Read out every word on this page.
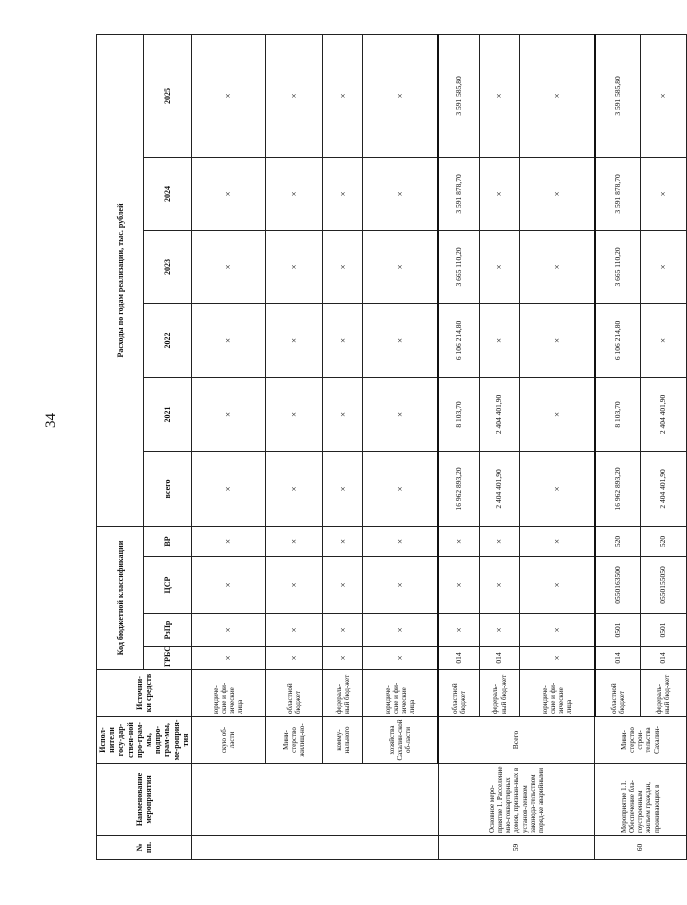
34
№ пп.	Наименование мероприятия	Испол-нители госу-дар-ствен-ной про-грам-мы, подпро-грам-мы, ме-роприя-тия	Источни-ки средств	Код бюджетной классификации				Расходы по годам реализации, тыс. рублей					
				ГРБС	РзПр	ЦСР	ВР	всего	2021	2022	2023	2024	2025
		скую об-ласти	юридиче-ские и фи-зические лица	×	×	×	×	×	×	×	×	×	×
		Мини-стерство жилищ-но-	областной бюджет	×	×	×	×	×	×	×	×	×	×
		комму-нального	федераль-ный бюд-жет	×	×	×	×	×	×	×	×	×	×
		хозяйства Сахалин-ской об-ласти	юридиче-ские и фи-зические лица	×	×	×	×	×	×	×	×	×	×
59	Основное меро-приятие 1. Расселение мно-гоквартирных домов, признан-ных в установ-ленном законода-тельством поряд-ке аварийными	Всего	областной бюджет	014	×	×	×	16 962 893,20	8 103,70	6 106 214,80	3 665 110,20	3 591 878,70	3 591 585,80
			федераль-ный бюд-жет	014	×	×	×	2 404 401,90	2 404 401,90	×	×	×	×
			юридиче-ские и фи-зические лица	×	×	×	×	×	×	×	×	×	×
60	Мероприятие 1.1. Обеспечение бла-гоустроенным жильем граждан, проживающих в	Мини-стерство строи-тельства Сахалин-	областной бюджет	014	0501	0550163500	520	16 962 893,20	8 103,70	6 106 214,80	3 665 110,20	3 591 878,70	3 591 585,80
			федераль-ный бюд-жет	014	0501	0550155050	520	2 404 401,90	2 404 401,90	×	×	×	×
